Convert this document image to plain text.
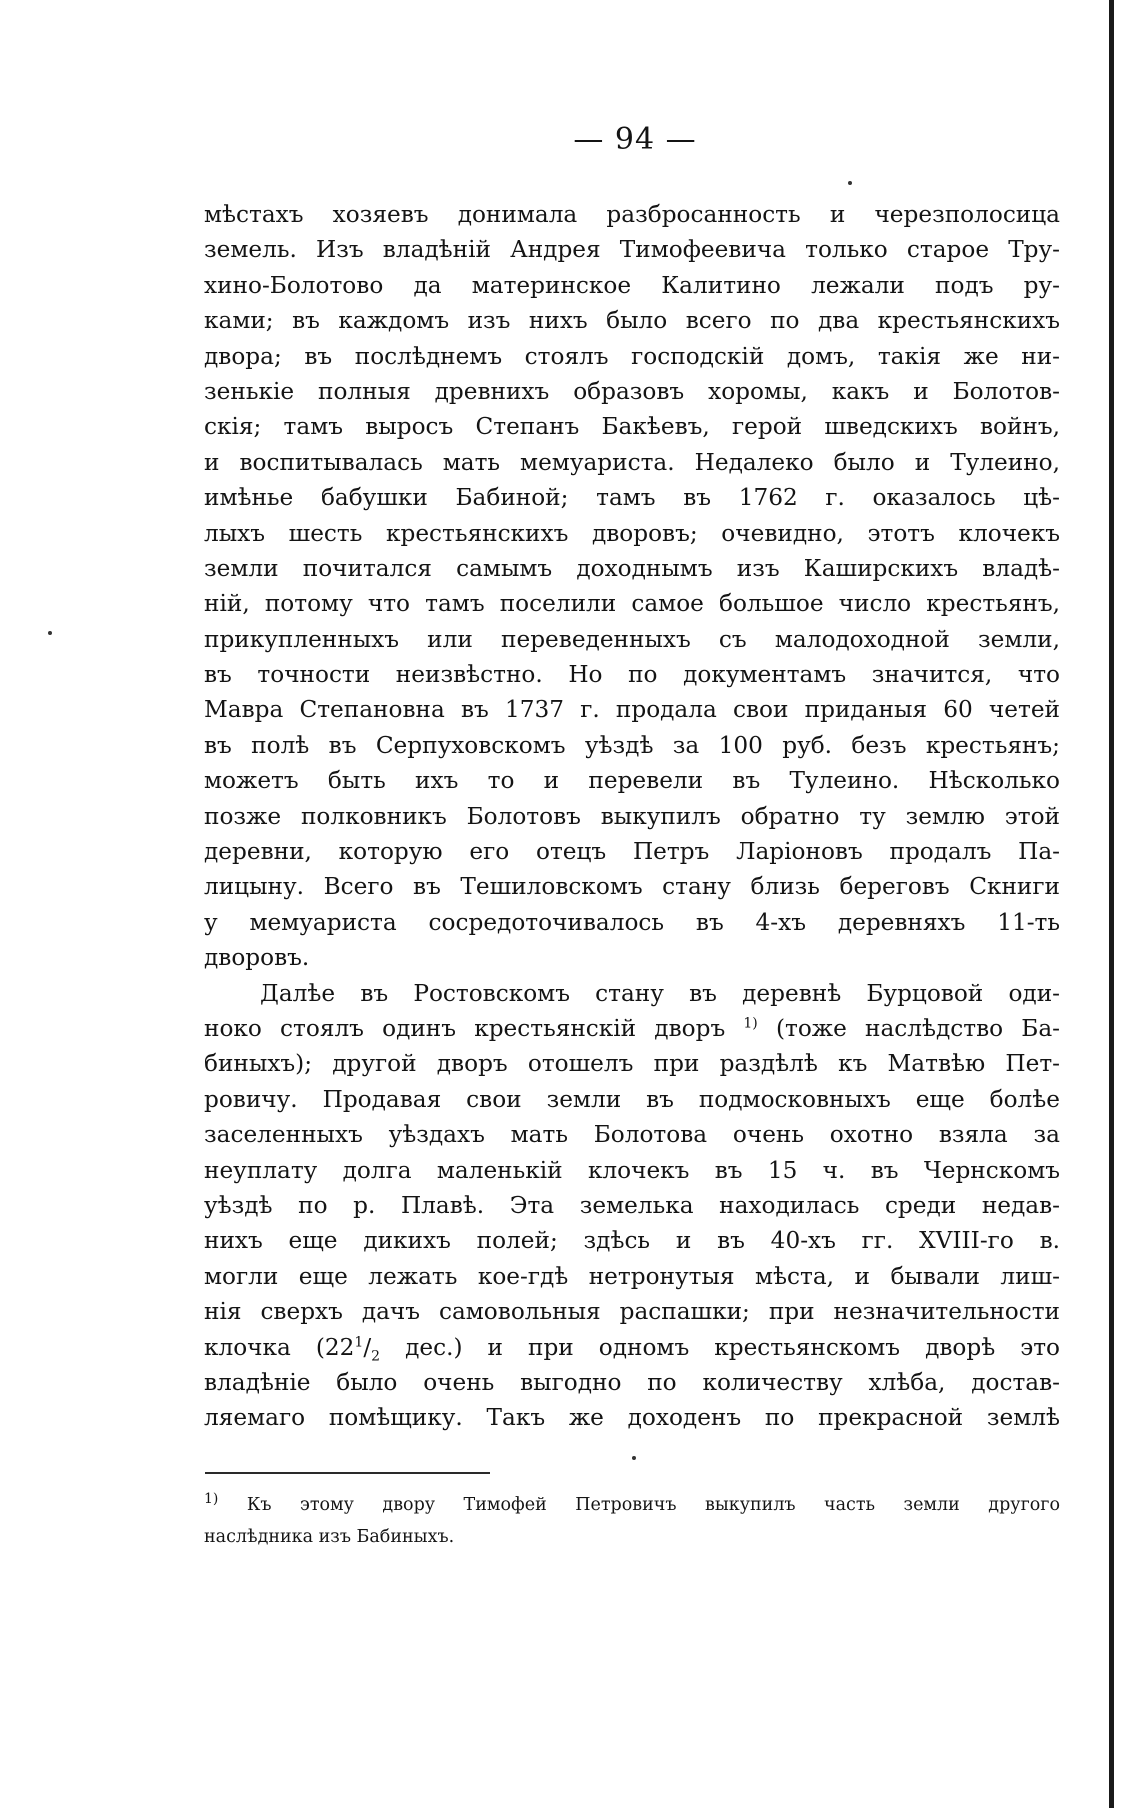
— 94 —
мѣстахъ хозяевъ донимала разбросанность и черезполосица
земель. Изъ владѣній Андрея Тимофеевича только старое Тру-
хино-Болотово да материнское Калитино лежали подъ ру-
ками; въ каждомъ изъ нихъ было всего по два крестьянскихъ
двора; въ послѣднемъ стоялъ господскій домъ, такія же ни-
зенькіе полныя древнихъ образовъ хоромы, какъ и Болотов-
скія; тамъ выросъ Степанъ Бакѣевъ, герой шведскихъ войнъ,
и воспитывалась мать мемуариста. Недалеко было и Тулеино,
имѣнье бабушки Бабиной; тамъ въ 1762 г. оказалось цѣ-
лыхъ шесть крестьянскихъ дворовъ; очевидно, этотъ клочекъ
земли почитался самымъ доходнымъ изъ Каширскихъ владѣ-
ній, потому что тамъ поселили самое большое число крестьянъ,
прикупленныхъ или переведенныхъ съ малодоходной земли,
въ точности неизвѣстно. Но по документамъ значится, что
Мавра Степановна въ 1737 г. продала свои приданыя 60 четей
въ полѣ въ Серпуховскомъ уѣздѣ за 100 руб. безъ крестьянъ;
можетъ быть ихъ то и перевели въ Тулеино. Нѣсколько
позже полковникъ Болотовъ выкупилъ обратно ту землю этой
деревни, которую его отецъ Петръ Ларіоновъ продалъ Па-
лицыну. Всего въ Тешиловскомъ стану близь береговъ Скниги
у мемуариста сосредоточивалось въ 4-хъ деревняхъ 11-ть
дворовъ.
Далѣе въ Ростовскомъ стану въ деревнѣ Бурцовой оди-
ноко стоялъ одинъ крестьянскій дворъ $^{1)}$ (тоже наслѣдство Ба-
биныхъ); другой дворъ отошелъ при раздѣлѣ къ Матвѣю Пет-
ровичу. Продавая свои земли въ подмосковныхъ еще болѣе
заселенныхъ уѣздахъ мать Болотова очень охотно взяла за
неуплату долга маленькій клочекъ въ 15 ч. въ Чернскомъ
уѣздѣ по р. Плавѣ. Эта земелька находилась среди недав-
нихъ еще дикихъ полей; здѣсь и въ 40-хъ гг. XVIII-го в.
могли еще лежать кое-гдѣ нетронутыя мѣста, и бывали лиш-
нія сверхъ дачъ самовольныя распашки; при незначительности
клочка ($22^1/_2$ дес.) и при одномъ крестьянскомъ дворѣ это
владѣніе было очень выгодно по количеству хлѣба, достав-
ляемаго помѣщику. Такъ же доходенъ по прекрасной землѣ
$^{1)}$ Къ этому двору Тимофей Петровичъ выкупилъ часть земли другого
наслѣдника изъ Бабиныхъ.
